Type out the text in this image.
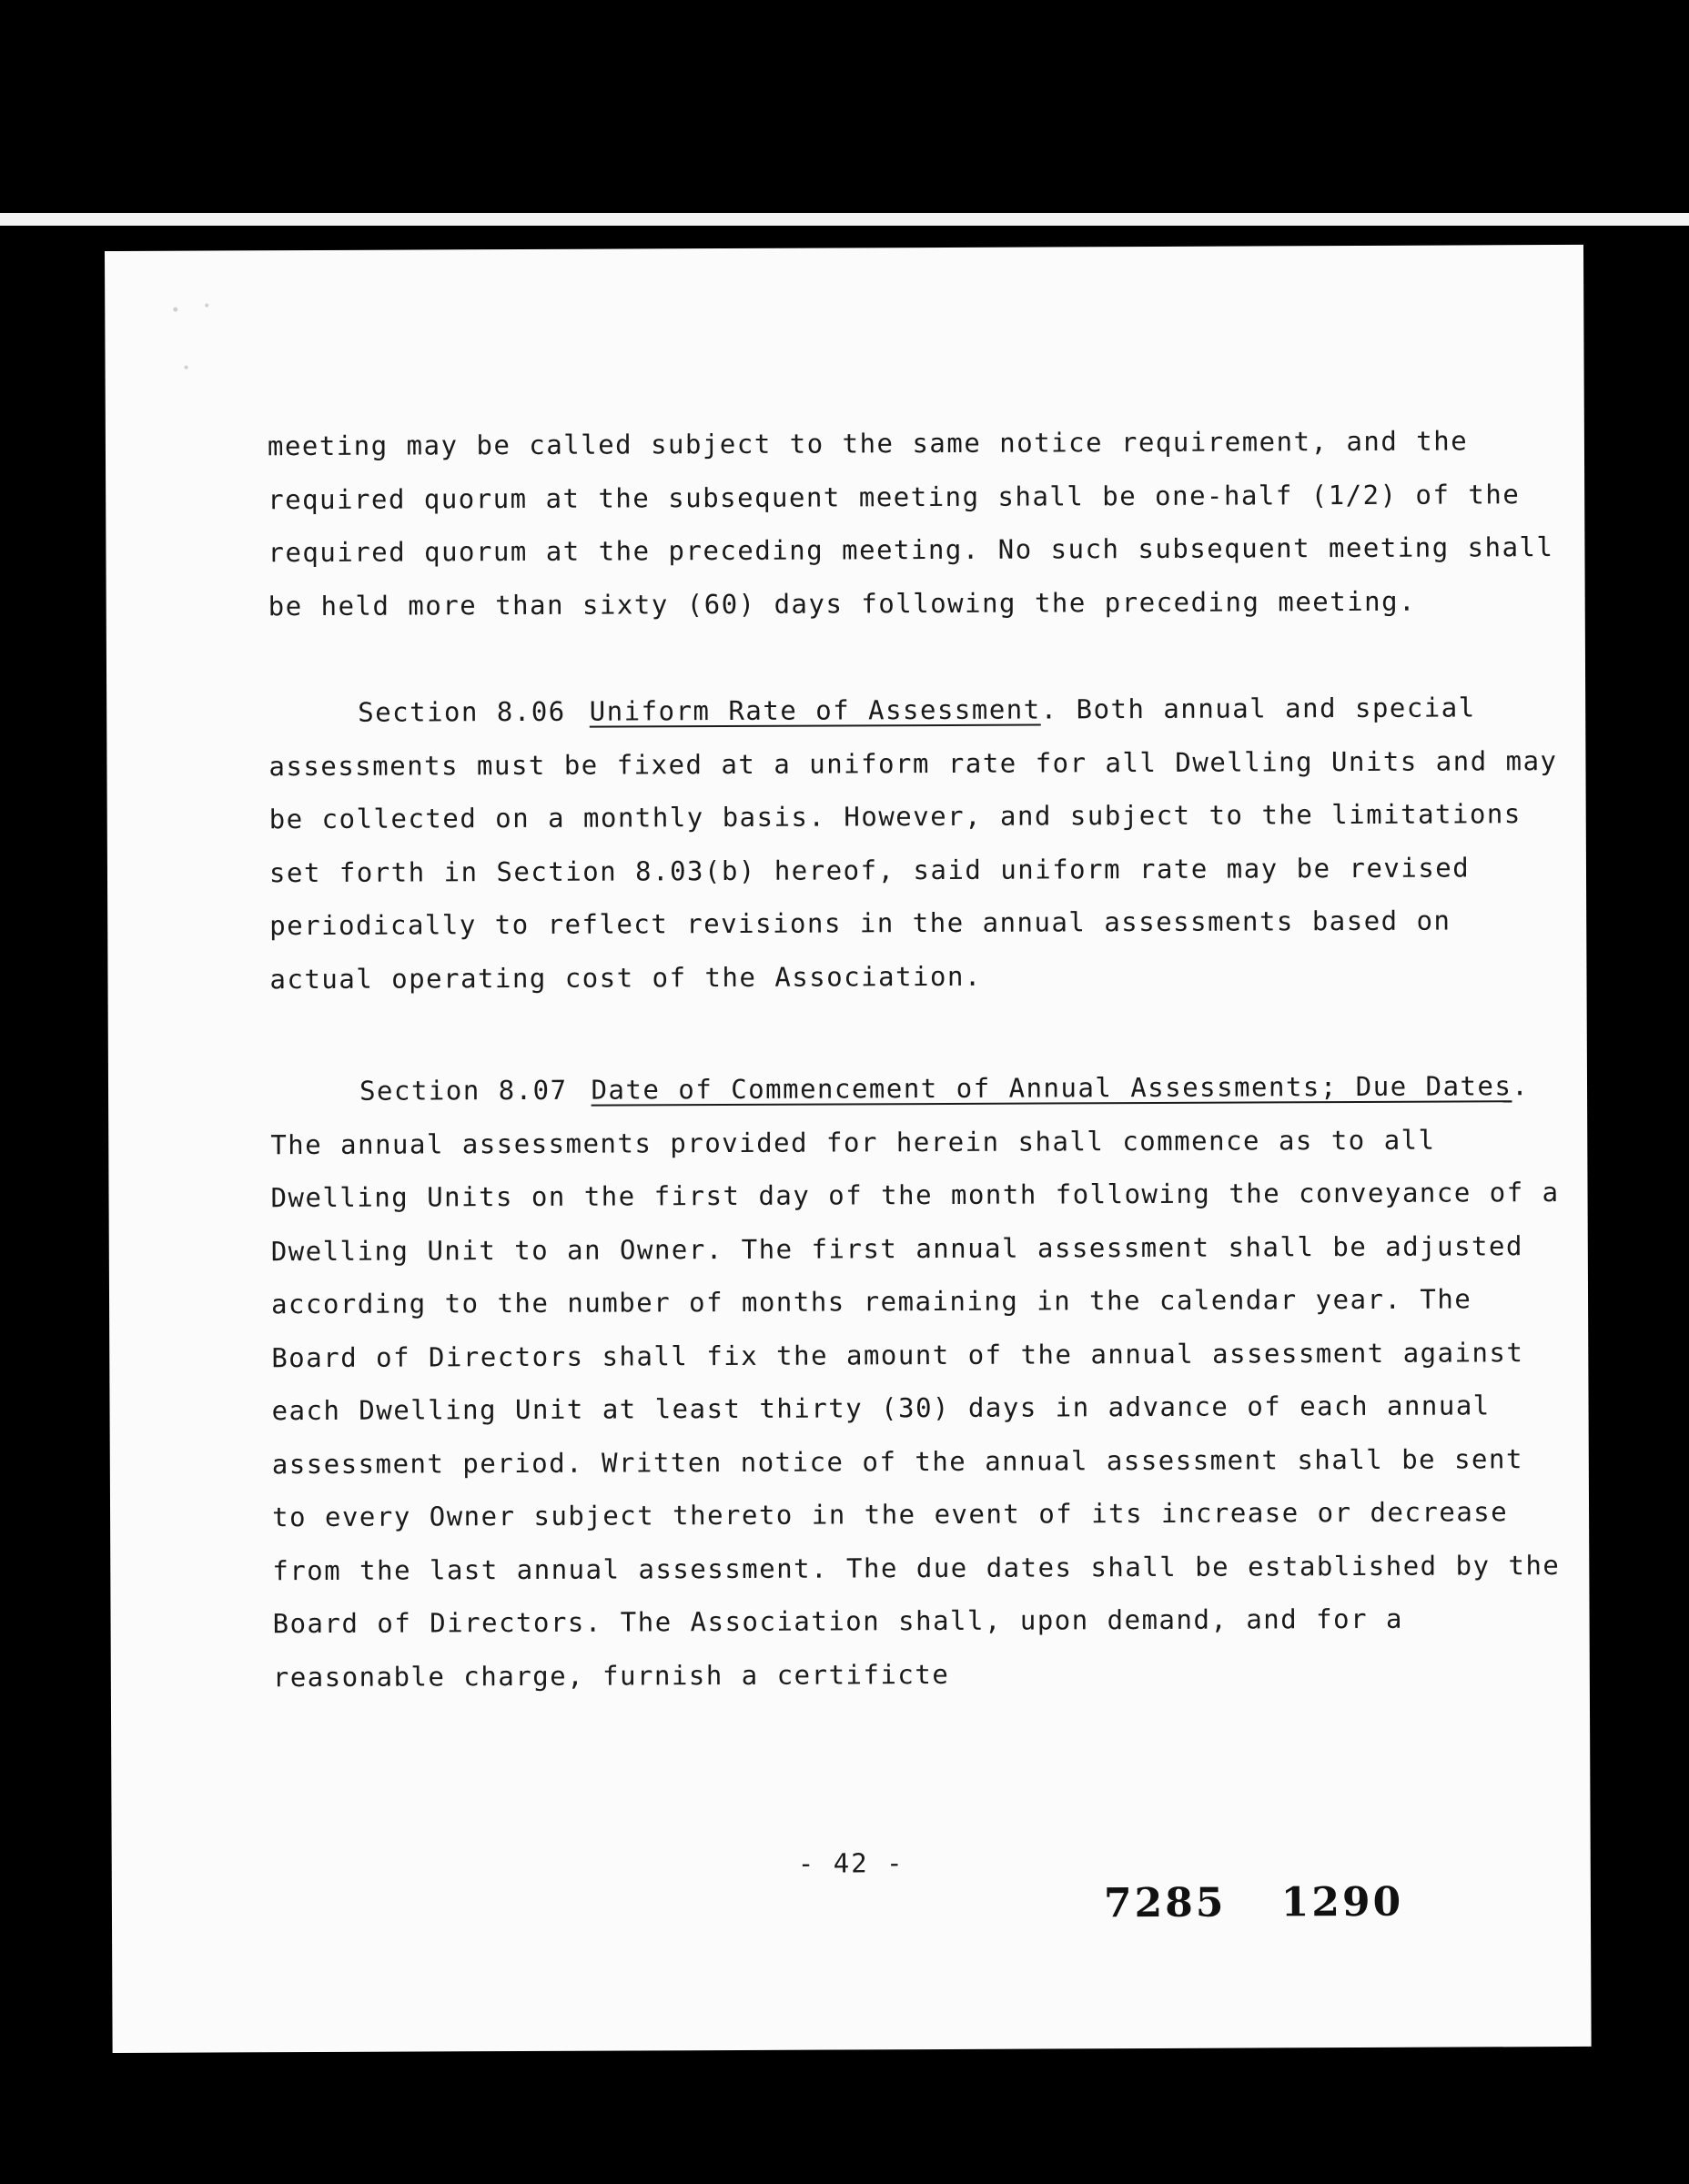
meeting may be called subject to the same notice requirement, and the required quorum at the subsequent meeting shall be one-half (1/2) of the required quorum at the preceding meeting. No such subsequent meeting shall be held more than sixty (60) days following the preceding meeting.

Section 8.06 Uniform Rate of Assessment. Both annual and special assessments must be fixed at a uniform rate for all Dwelling Units and may be collected on a monthly basis. However, and subject to the limitations set forth in Section 8.03(b) hereof, said uniform rate may be revised periodically to reflect revisions in the annual assessments based on actual operating cost of the Association.

Section 8.07 Date of Commencement of Annual Assessments; Due Dates. The annual assessments provided for herein shall commence as to all Dwelling Units on the first day of the month following the conveyance of a Dwelling Unit to an Owner. The first annual assessment shall be adjusted according to the number of months remaining in the calendar year. The Board of Directors shall fix the amount of the annual assessment against each Dwelling Unit at least thirty (30) days in advance of each annual assessment period. Written notice of the annual assessment shall be sent to every Owner subject thereto in the event of its increase or decrease from the last annual assessment. The due dates shall be established by the Board of Directors. The Association shall, upon demand, and for a reasonable charge, furnish a certificte

- 42 -
7285 1290
